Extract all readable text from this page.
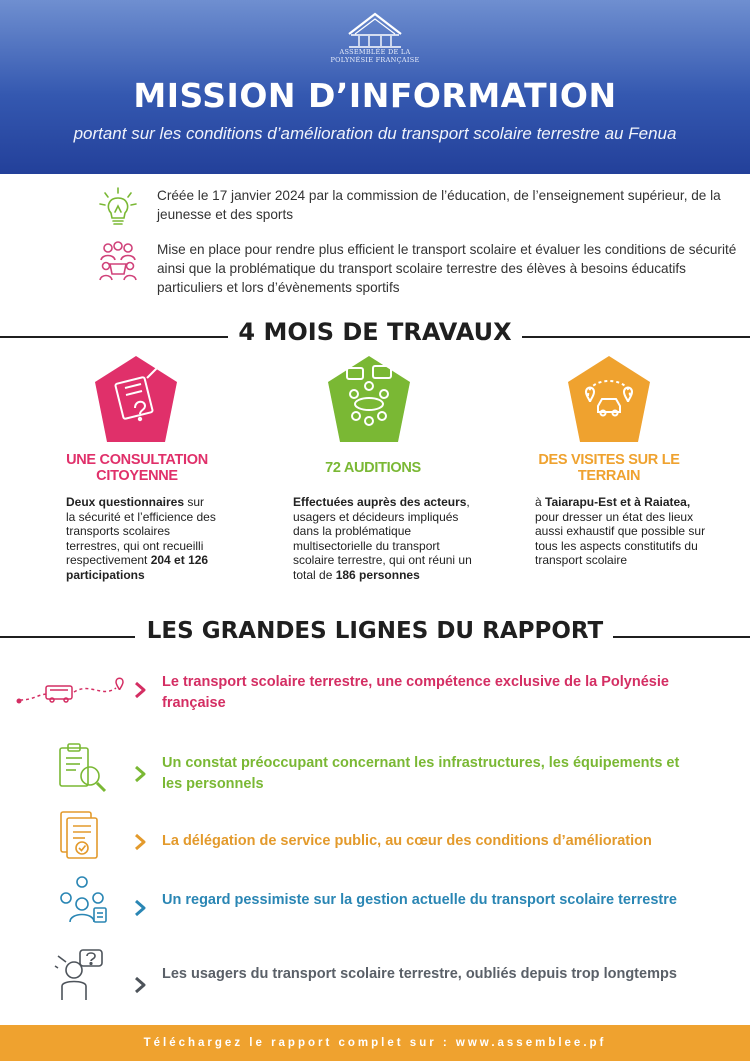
ASSEMBLÉE DE LA
POLYNÉSIE FRANÇAISE
MISSION D’INFORMATION
portant sur les conditions d’amélioration du transport scolaire terrestre au Fenua
Créée le 17 janvier 2024 par la commission de l’éducation, de l’enseignement supérieur, de la jeunesse et des sports
Mise en place pour rendre plus efficient le transport scolaire et évaluer les conditions de sécurité ainsi que la problématique du transport scolaire terrestre des élèves à besoins éducatifs particuliers et lors d’évènements sportifs
4 MOIS DE TRAVAUX
UNE CONSULTATION CITOYENNE
Deux questionnaires sur la sécurité et l’efficience des transports scolaires terrestres, qui ont recueilli respectivement 204 et 126 participations
72 AUDITIONS
Effectuées auprès des acteurs, usagers et décideurs impliqués dans la problématique multisectorielle du transport scolaire terrestre, qui ont réuni un total de 186 personnes
DES VISITES SUR LE TERRAIN
à Taiarapu-Est et à Raiatea, pour dresser un état des lieux aussi exhaustif que possible sur tous les aspects constitutifs du transport scolaire
LES GRANDES LIGNES DU RAPPORT
Le transport scolaire terrestre, une compétence exclusive de la Polynésie française
Un constat préoccupant concernant les infrastructures, les équipements et les personnels
La délégation de service public, au cœur des conditions d’amélioration
Un regard pessimiste sur la gestion actuelle du transport scolaire terrestre
Les usagers du transport scolaire terrestre, oubliés depuis trop longtemps
Téléchargez le rapport complet sur : www.assemblee.pf
